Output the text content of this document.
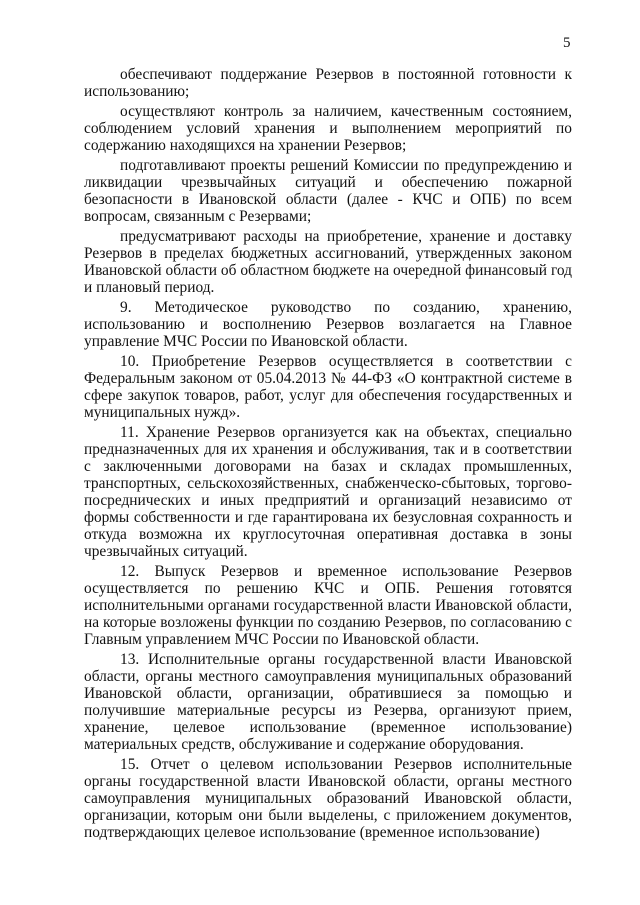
5

обеспечивают поддержание Резервов в постоянной готовности к использованию;

осуществляют контроль за наличием, качественным состоянием, соблюдением условий хранения и выполнением мероприятий по содержанию находящихся на хранении Резервов;

подготавливают проекты решений Комиссии по предупреждению и ликвидации чрезвычайных ситуаций и обеспечению пожарной безопасности в Ивановской области (далее - КЧС и ОПБ) по всем вопросам, связанным с Резервами;

предусматривают расходы на приобретение, хранение и доставку Резервов в пределах бюджетных ассигнований, утвержденных законом Ивановской области об областном бюджете на очередной финансовый год и плановый период.

9. Методическое руководство по созданию, хранению, использованию и восполнению Резервов возлагается на Главное управление МЧС России по Ивановской области.

10. Приобретение Резервов осуществляется в соответствии с Федеральным законом от 05.04.2013 № 44-ФЗ «О контрактной системе в сфере закупок товаров, работ, услуг для обеспечения государственных и муниципальных нужд».

11. Хранение Резервов организуется как на объектах, специально предназначенных для их хранения и обслуживания, так и в соответствии с заключенными договорами на базах и складах промышленных, транспортных, сельскохозяйственных, снабженческо-сбытовых, торгово-посреднических и иных предприятий и организаций независимо от формы собственности и где гарантирована их безусловная сохранность и откуда возможна их круглосуточная оперативная доставка в зоны чрезвычайных ситуаций.

12. Выпуск Резервов и временное использование Резервов осуществляется по решению КЧС и ОПБ. Решения готовятся исполнительными органами государственной власти Ивановской области, на которые возложены функции по созданию Резервов, по согласованию с Главным управлением МЧС России по Ивановской области.

13. Исполнительные органы государственной власти Ивановской области, органы местного самоуправления муниципальных образований Ивановской области, организации, обратившиеся за помощью и получившие материальные ресурсы из Резерва, организуют прием, хранение, целевое использование (временное использование) материальных средств, обслуживание и содержание оборудования.

15. Отчет о целевом использовании Резервов исполнительные органы государственной власти Ивановской области, органы местного самоуправления муниципальных образований Ивановской области, организации, которым они были выделены, с приложением документов, подтверждающих целевое использование (временное использование)
